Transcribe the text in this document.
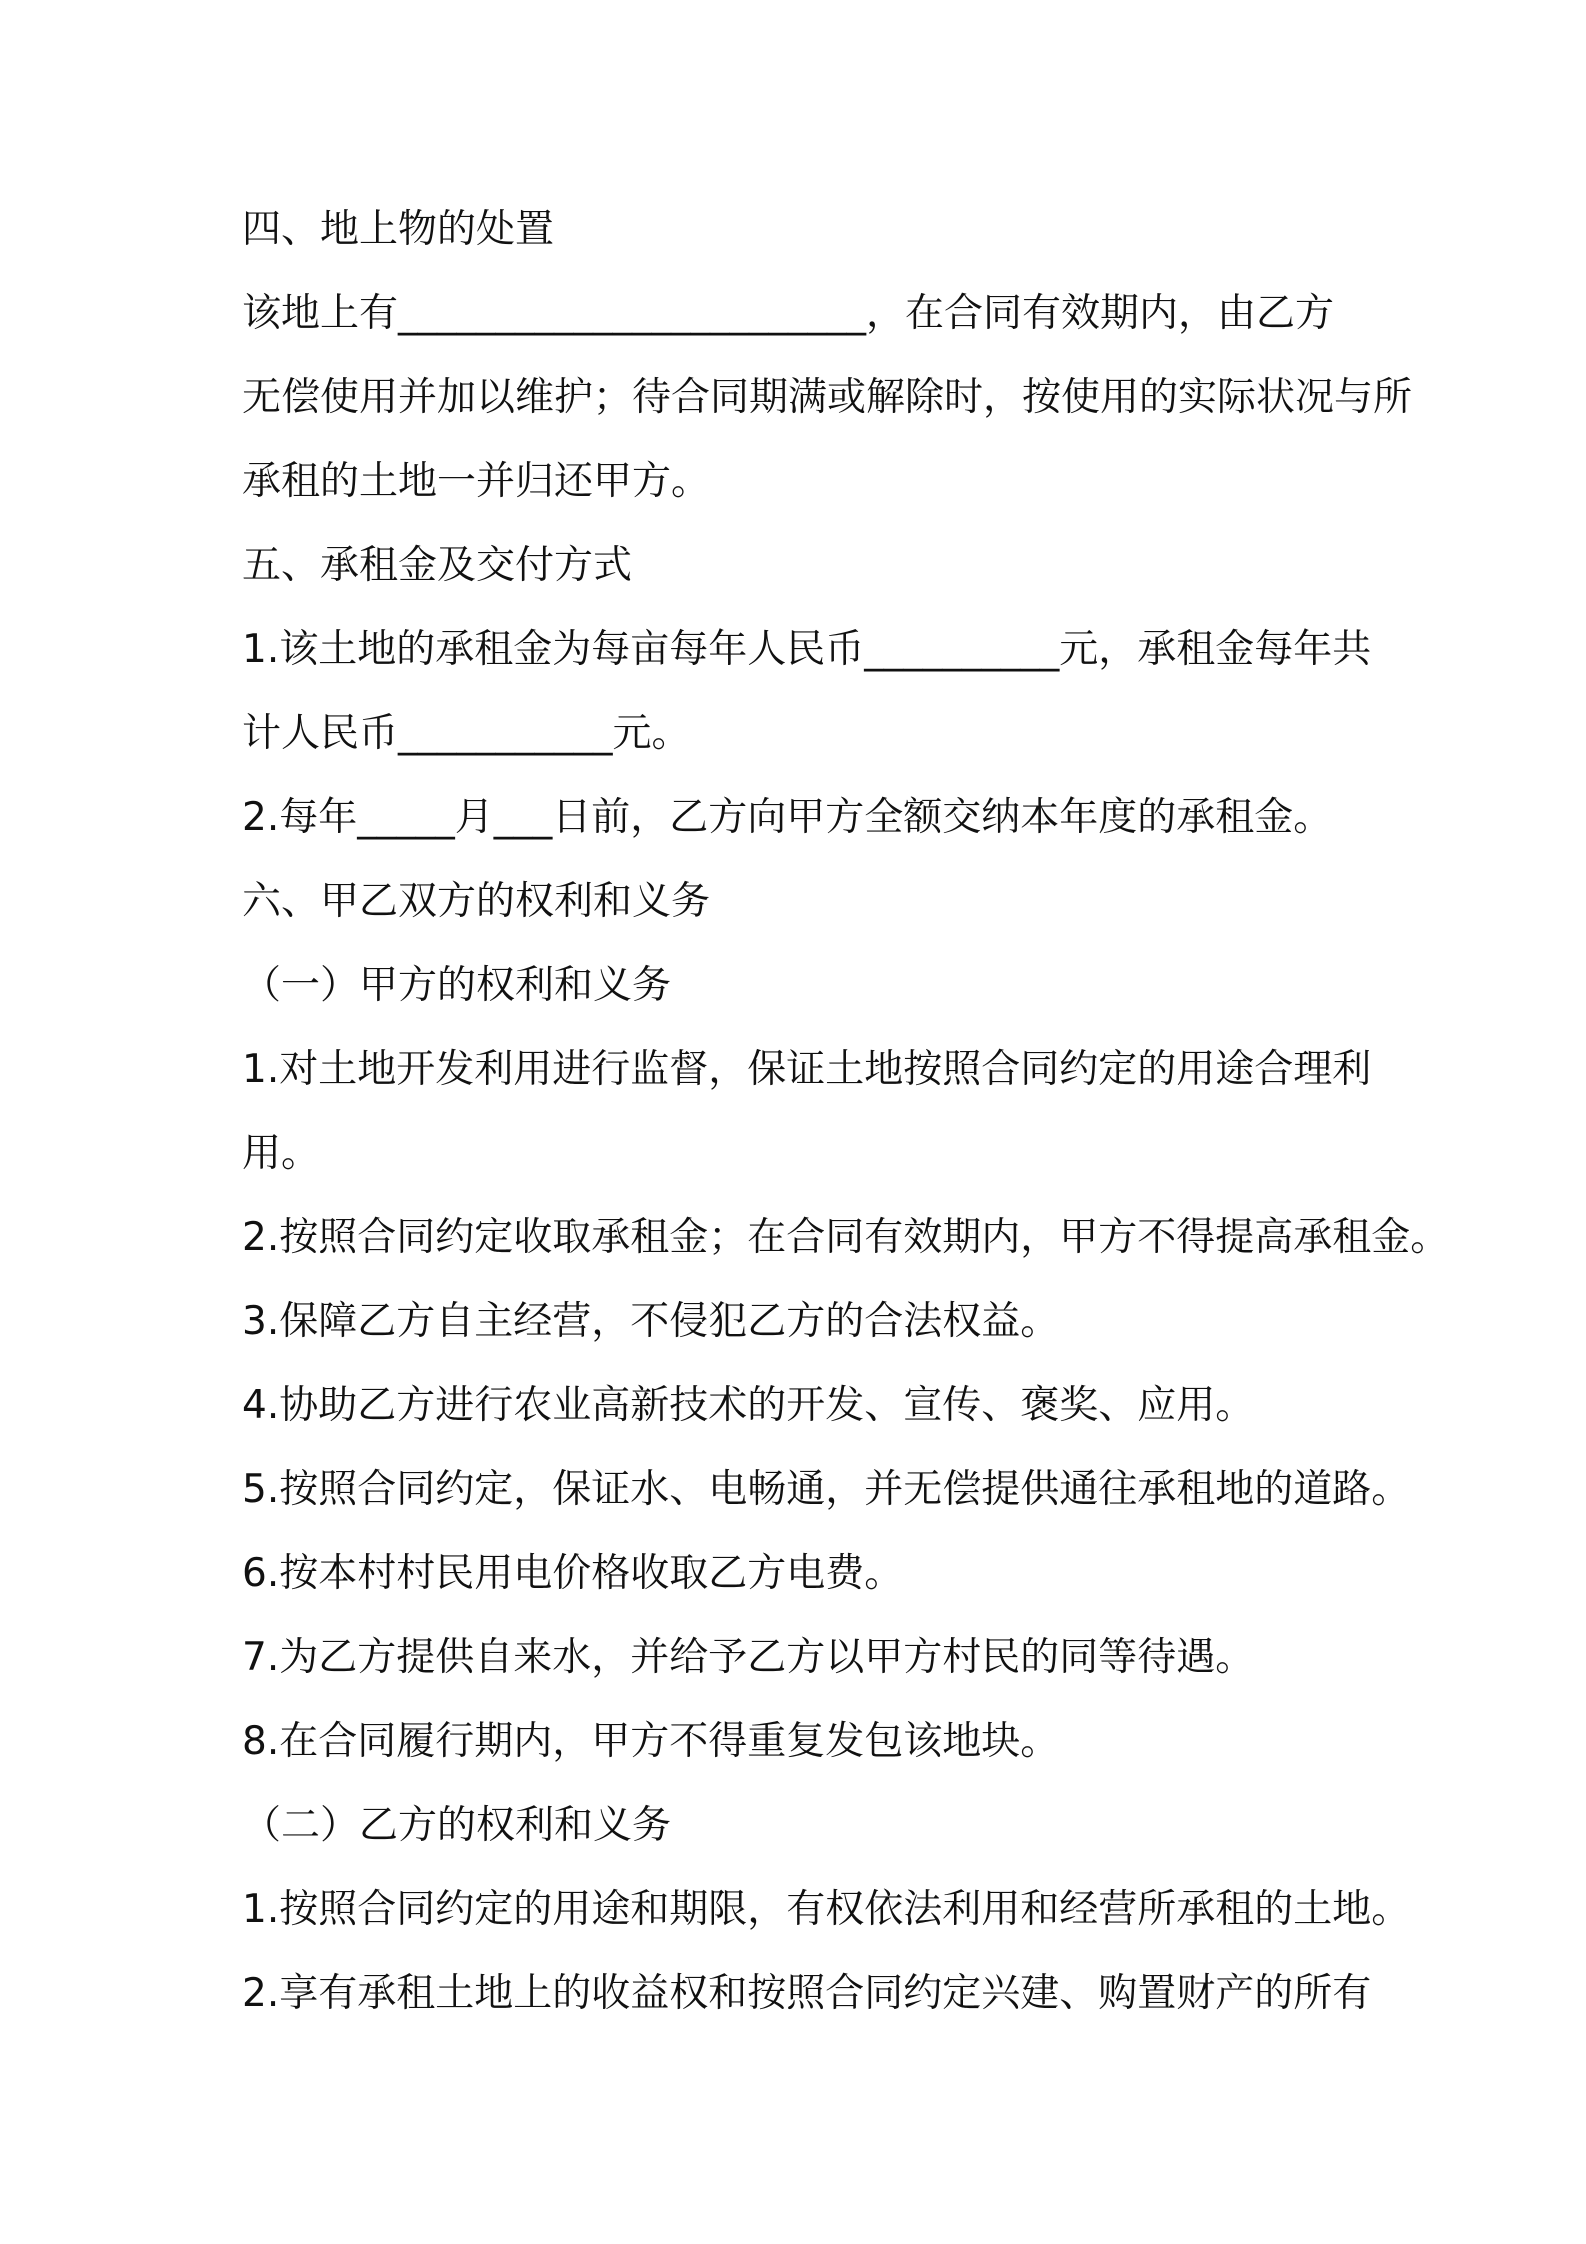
四、地上物的处置
该地上有________________________，在合同有效期内，由乙方
无偿使用并加以维护；待合同期满或解除时，按使用的实际状况与所
承租的土地一并归还甲方。
五、承租金及交付方式
1.该土地的承租金为每亩每年人民币__________元，承租金每年共
计人民币___________元。
2.每年_____月___日前，乙方向甲方全额交纳本年度的承租金。
六、甲乙双方的权利和义务
（一）甲方的权利和义务
1.对土地开发利用进行监督，保证土地按照合同约定的用途合理利
用。
2.按照合同约定收取承租金；在合同有效期内，甲方不得提高承租金。
3.保障乙方自主经营，不侵犯乙方的合法权益。
4.协助乙方进行农业高新技术的开发、宣传、褒奖、应用。
5.按照合同约定，保证水、电畅通，并无偿提供通往承租地的道路。
6.按本村村民用电价格收取乙方电费。
7.为乙方提供自来水，并给予乙方以甲方村民的同等待遇。
8.在合同履行期内，甲方不得重复发包该地块。
（二）乙方的权利和义务
1.按照合同约定的用途和期限，有权依法利用和经营所承租的土地。
2.享有承租土地上的收益权和按照合同约定兴建、购置财产的所有
